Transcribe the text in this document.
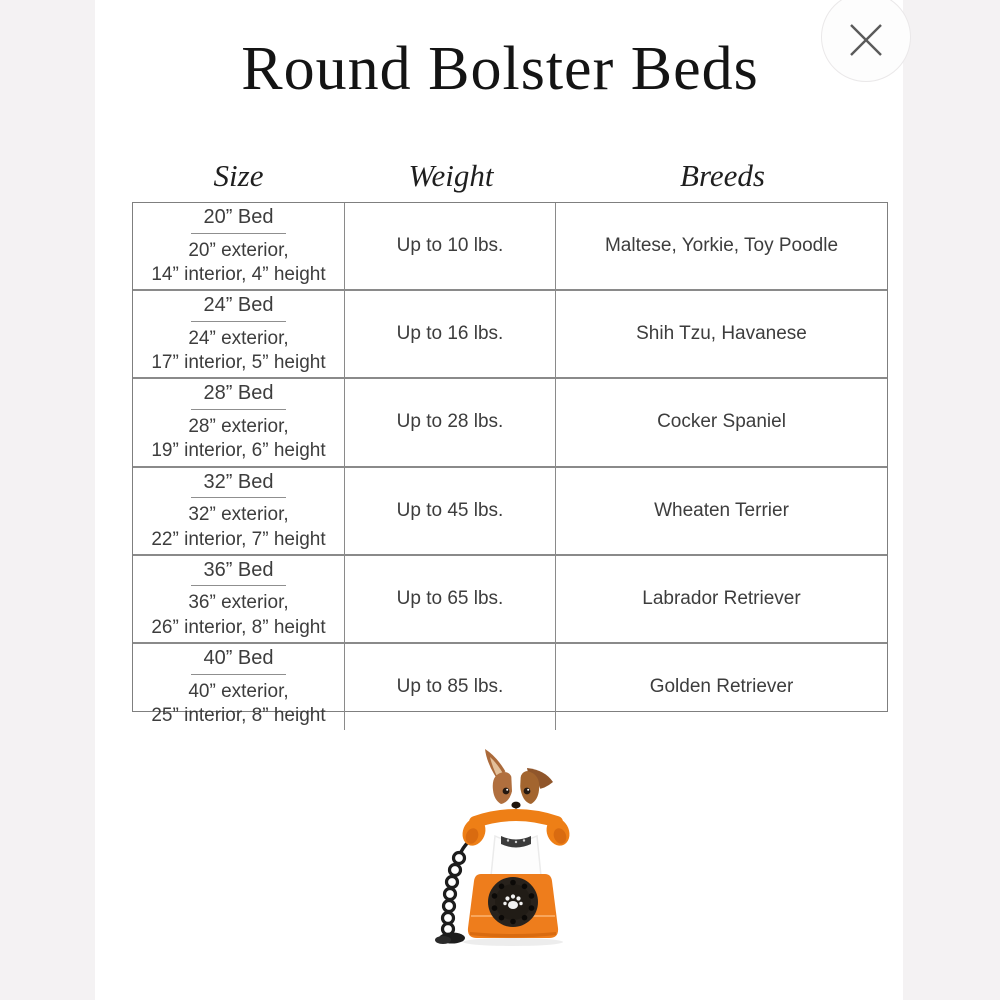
Round Bolster Beds
Size	Weight	Breeds
20” Bed
20” exterior,
14” interior, 4” height
Up to 10 lbs.	Maltese, Yorkie, Toy Poodle
24” Bed
24” exterior,
17” interior, 5” height
Up to 16 lbs.	Shih Tzu, Havanese
28” Bed
28” exterior,
19” interior, 6” height
Up to 28 lbs.	Cocker Spaniel
32” Bed
32” exterior,
22” interior, 7” height
Up to 45 lbs.	Wheaten Terrier
36” Bed
36” exterior,
26” interior, 8” height
Up to 65 lbs.	Labrador Retriever
40” Bed
40” exterior,
25” interior, 8” height
Up to 85 lbs.	Golden Retriever
